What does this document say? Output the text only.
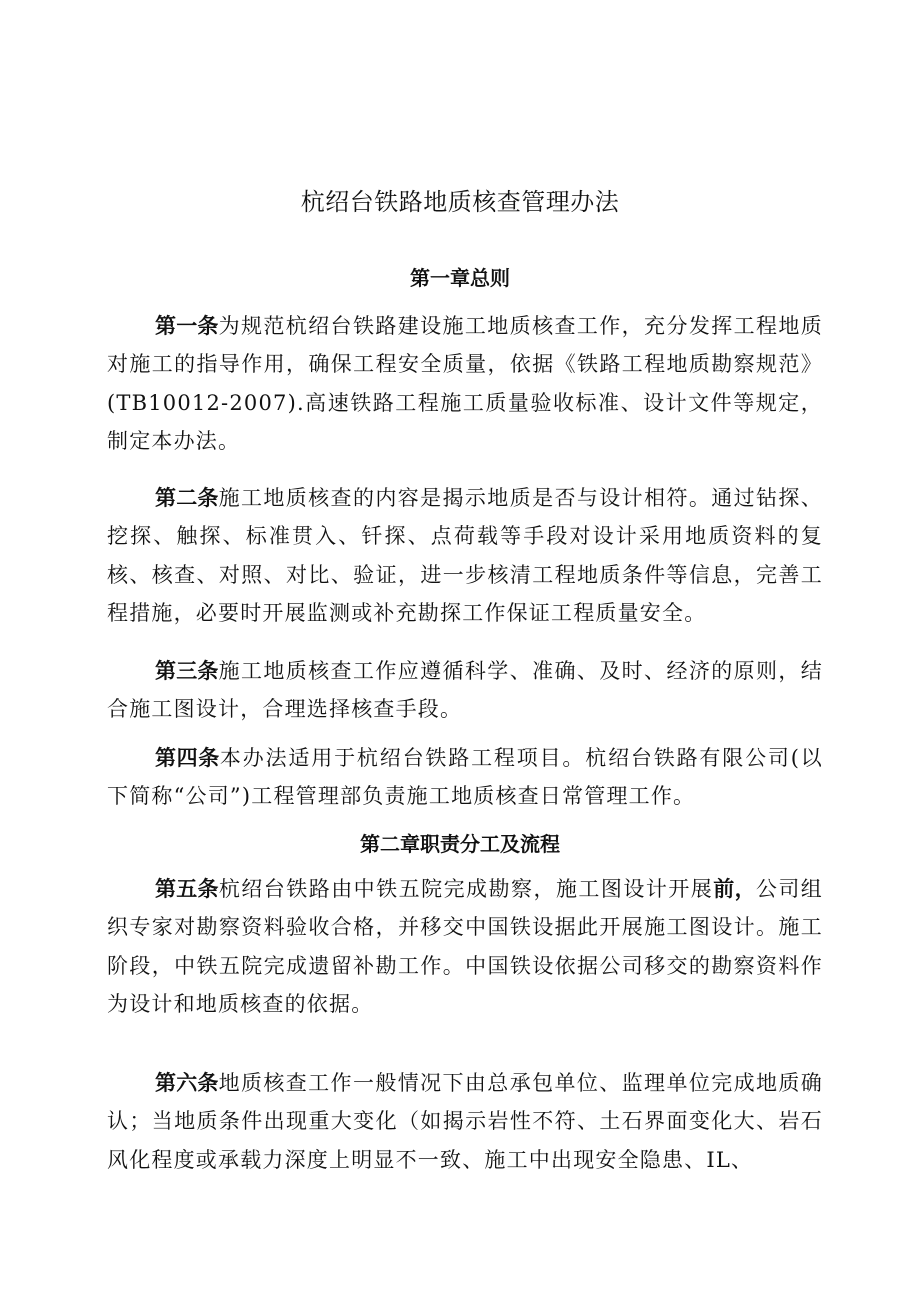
杭绍台铁路地质核查管理办法
第一章总则

第一条为规范杭绍台铁路建设施工地质核查工作，充分发挥工程地质对施工的指导作用，确保工程安全质量，依据《铁路工程地质勘察规范》(TB10012-2007).高速铁路工程施工质量验收标准、设计文件等规定，制定本办法。

第二条施工地质核查的内容是揭示地质是否与设计相符。通过钻探、挖探、触探、标准贯入、钎探、点荷载等手段对设计采用地质资料的复核、核查、对照、对比、验证，进一步核清工程地质条件等信息，完善工程措施，必要时开展监测或补充勘探工作保证工程质量安全。

第三条施工地质核查工作应遵循科学、准确、及时、经济的原则，结合施工图设计，合理选择核查手段。

第四条本办法适用于杭绍台铁路工程项目。杭绍台铁路有限公司(以下简称“公司”)工程管理部负责施工地质核查日常管理工作。

第二章职责分工及流程

第五条杭绍台铁路由中铁五院完成勘察，施工图设计开展前，公司组织专家对勘察资料验收合格，并移交中国铁设据此开展施工图设计。施工阶段，中铁五院完成遗留补勘工作。中国铁设依据公司移交的勘察资料作为设计和地质核查的依据。

第六条地质核查工作一般情况下由总承包单位、监理单位完成地质确认；当地质条件出现重大变化（如揭示岩性不符、土石界面变化大、岩石风化程度或承载力深度上明显不一致、施工中出现安全隐患、IL、
